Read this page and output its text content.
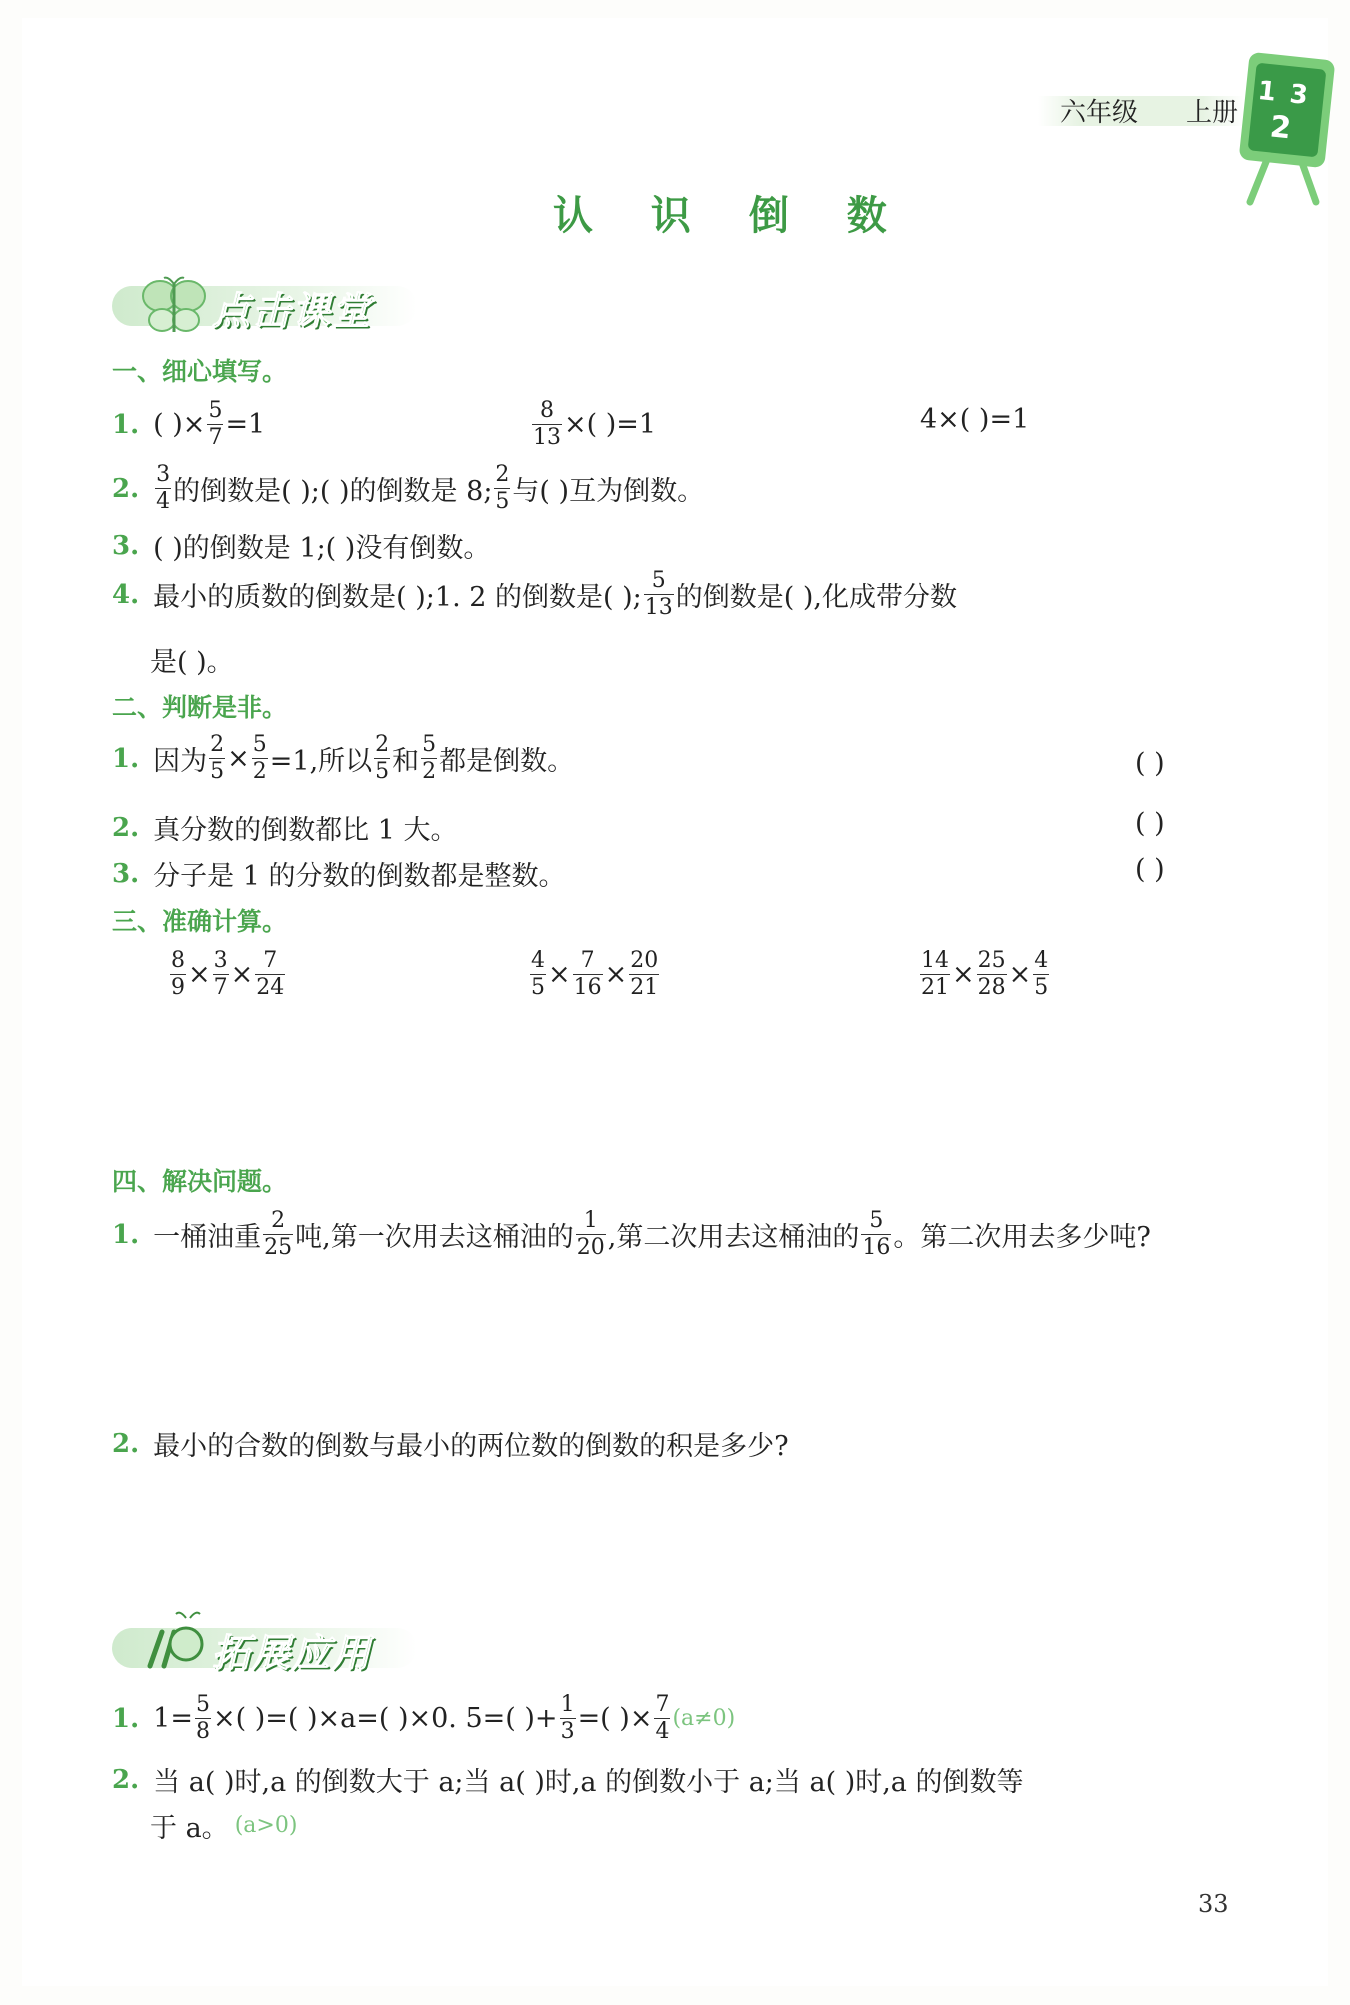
六年级 上册
1 3
2
认 识 倒 数
点击课堂
一、细心填写。
1. ( )× $\frac{5}{7} =1$	$\frac{8}{13}$ ×( )=1	4×( )=1
2. $\frac{3}{4}$ 的倒数是( );( )的倒数是 8; $\frac{2}{5}$ 与( )互为倒数。
3. ( )的倒数是 1;( )没有倒数。
4. 最小的质数的倒数是( );1. 2 的倒数是( ); $\frac{5}{13}$ 的倒数是( ),化成带分数
是( )。
二、判断是非。
1. 因为 $\frac{2}{5} \times \frac{5}{2} =1$,所以 $\frac{2}{5}$ 和 $\frac{5}{2}$ 都是倒数。	( )
2. 真分数的倒数都比 1 大。	( )
3. 分子是 1 的分数的倒数都是整数。	( )
三、准确计算。
$\frac{8}{9} \times \frac{3}{7} \times \frac{7}{24}$	$\frac{4}{5} \times \frac{7}{16} \times \frac{20}{21}$	$\frac{14}{21} \times \frac{25}{28} \times \frac{4}{5}$
四、解决问题。
1. 一桶油重 $\frac{2}{25}$ 吨,第一次用去这桶油的 $\frac{1}{20}$ ,第二次用去这桶油的 $\frac{5}{16}$ 。第二次用去多少吨?
2. 最小的合数的倒数与最小的两位数的倒数的积是多少?
拓展应用
1. $1= \frac{5}{8}$ ×( )=( )×a=( )×0. 5=( )+ $\frac{1}{3}$ =( )× $\frac{7}{4} (a\ne 0)$
2. 当 a( )时,a 的倒数大于 a;当 a( )时,a 的倒数小于 a;当 a( )时,a 的倒数等
于 a。 (a>0)
33
